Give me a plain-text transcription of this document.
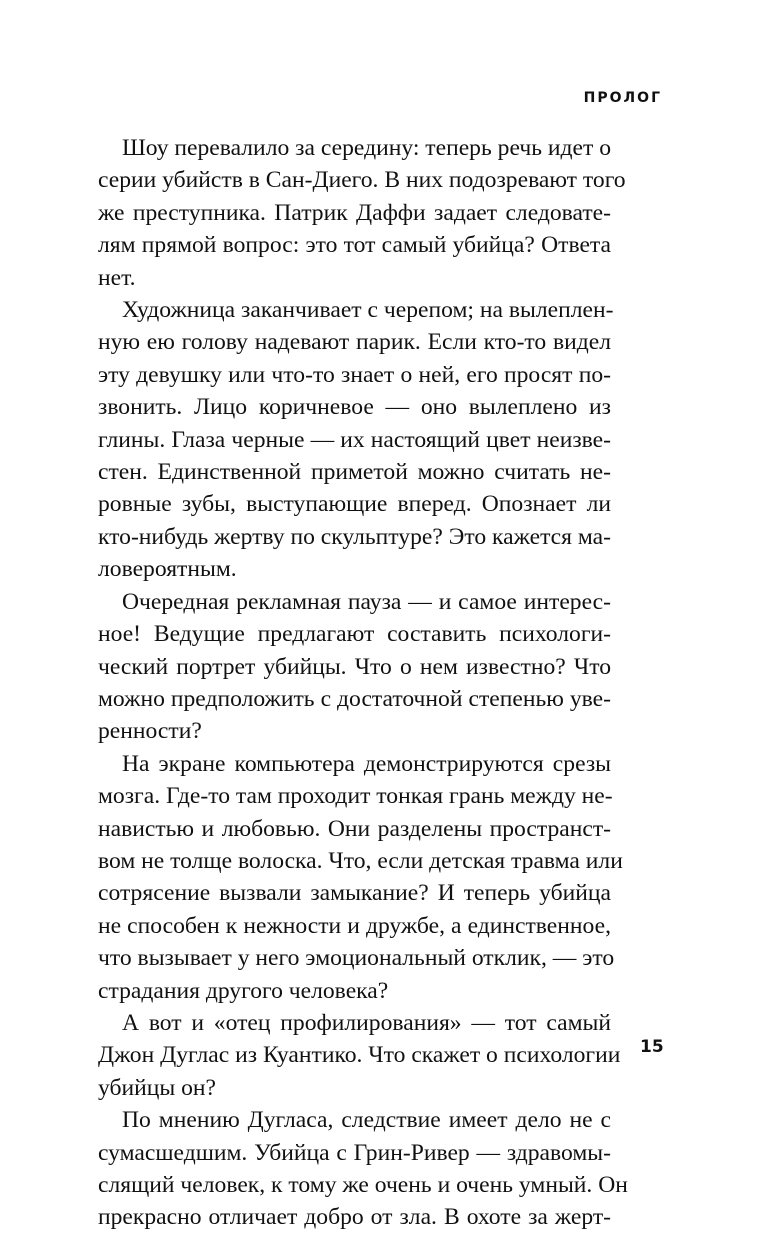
ПРОЛОГ
Шоу перевалило за середину: теперь речь идет о
серии убийств в Сан-Диего. В них подозревают того
же преступника. Патрик Даффи задает следовате-
лям прямой вопрос: это тот самый убийца? Ответа
нет.
Художница заканчивает с черепом; на вылеплен-
ную ею голову надевают парик. Если кто-то видел
эту девушку или что-то знает о ней, его просят по-
звонить. Лицо коричневое — оно вылеплено из
глины. Глаза черные — их настоящий цвет неизве-
стен. Единственной приметой можно считать не-
ровные зубы, выступающие вперед. Опознает ли
кто-нибудь жертву по скульптуре? Это кажется ма-
ловероятным.
Очередная рекламная пауза — и самое интерес-
ное! Ведущие предлагают составить психологи-
ческий портрет убийцы. Что о нем известно? Что
можно предположить с достаточной степенью уве-
ренности?
На экране компьютера демонстрируются срезы
мозга. Где-то там проходит тонкая грань между не-
навистью и любовью. Они разделены пространст-
вом не толще волоска. Что, если детская травма или
сотрясение вызвали замыкание? И теперь убийца
не способен к нежности и дружбе, а единственное,
что вызывает у него эмоциональный отклик, — это
страдания другого человека?
А вот и «отец профилирования» — тот самый
Джон Дуглас из Куантико. Что скажет о психологии
убийцы он?
По мнению Дугласа, следствие имеет дело не с
сумасшедшим. Убийца с Грин-Ривер — здравомы-
слящий человек, к тому же очень и очень умный. Он
прекрасно отличает добро от зла. В охоте за жерт-
15
